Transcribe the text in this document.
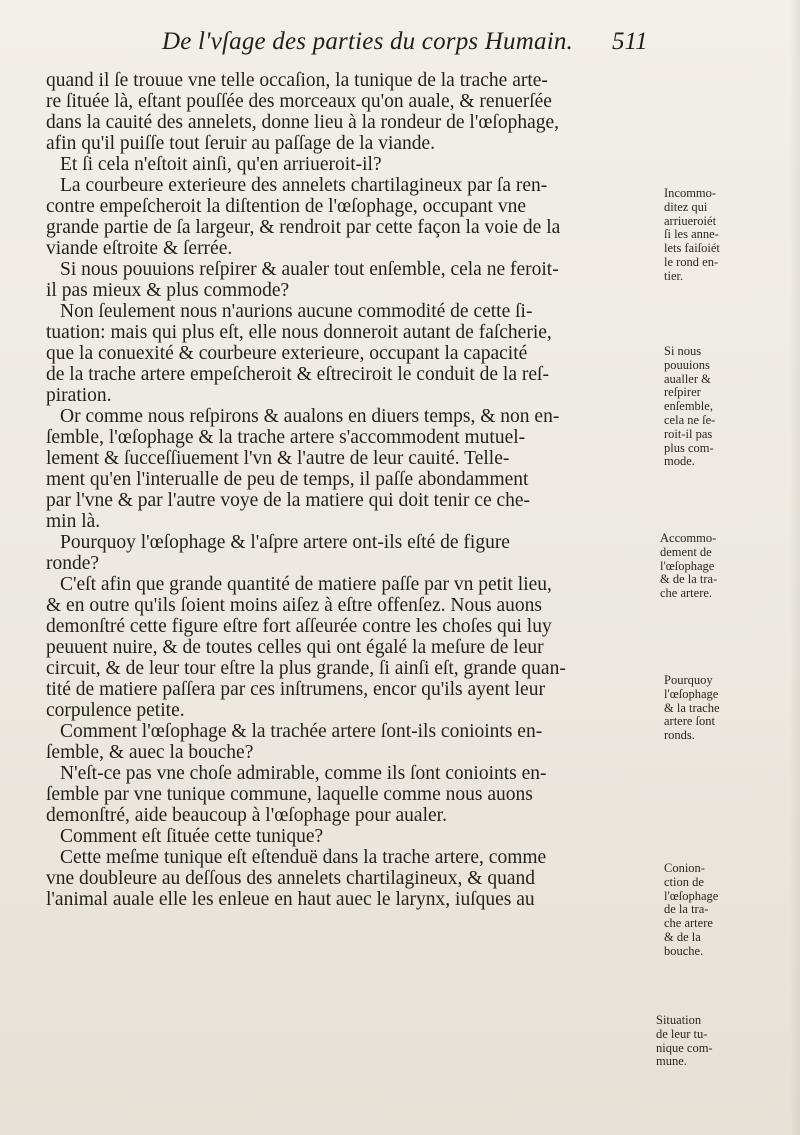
De l'vſage des parties du corps Humain. 511
quand il ſe trouue vne telle occaſion, la tunique de la trache arte-
re ſituée là, eſtant pouſſée des morceaux qu'on auale, & renuerſée
dans la cauité des annelets, donne lieu à la rondeur de l'œſophage,
afin qu'il puiſſe tout ſeruir au paſſage de la viande.
Et ſi cela n'eſtoit ainſi, qu'en arriueroit-il?
La courbeure exterieure des annelets chartilagineux par ſa ren-
contre empeſcheroit la diſtention de l'œſophage, occupant vne
grande partie de ſa largeur, & rendroit par cette façon la voie de la
viande eſtroite & ſerrée.
Si nous pouuions reſpirer & aualer tout enſemble, cela ne feroit-
il pas mieux & plus commode?
Non ſeulement nous n'aurions aucune commodité de cette ſi-
tuation: mais qui plus eſt, elle nous donneroit autant de faſcherie,
que la conuexité & courbeure exterieure, occupant la capacité
de la trache artere empeſcheroit & eſtreciroit le conduit de la reſ-
piration.
Or comme nous reſpirons & aualons en diuers temps, & non en-
ſemble, l'œſophage & la trache artere s'accommodent mutuel-
lement & ſucceſſiuement l'vn & l'autre de leur cauité. Telle-
ment qu'en l'interualle de peu de temps, il paſſe abondamment
par l'vne & par l'autre voye de la matiere qui doit tenir ce che-
min là.
Pourquoy l'œſophage & l'aſpre artere ont-ils eſté de figure
ronde?
C'eſt afin que grande quantité de matiere paſſe par vn petit lieu,
& en outre qu'ils ſoient moins aiſez à eſtre offenſez. Nous auons
demonſtré cette figure eſtre fort aſſeurée contre les choſes qui luy
peuuent nuire, & de toutes celles qui ont égalé la meſure de leur
circuit, & de leur tour eſtre la plus grande, ſi ainſi eſt, grande quan-
tité de matiere paſſera par ces inſtrumens, encor qu'ils ayent leur
corpulence petite.
Comment l'œſophage & la trachée artere ſont-ils conioints en-
ſemble, & auec la bouche?
N'eſt-ce pas vne choſe admirable, comme ils ſont conioints en-
ſemble par vne tunique commune, laquelle comme nous auons
demonſtré, aide beaucoup à l'œſophage pour aualer.
Comment eſt ſituée cette tunique?
Cette meſme tunique eſt eſtenduë dans la trache artere, comme
vne doubleure au deſſous des annelets chartilagineux, & quand
l'animal auale elle les enleue en haut auec le larynx, iuſques au
Incommo-
ditez qui
arriueroiét
ſi les anne-
lets faiſoiét
le rond en-
tier.
Si nous
pouuions
aualler &
reſpirer
enſemble,
cela ne ſe-
roit-il pas
plus com-
mode.
Accommo-
dement de
l'œſophage
& de la tra-
che artere.
Pourquoy
l'œſophage
& la trache
artere ſont
ronds.
Conion-
ction de
l'œſophage
de la tra-
che artere
& de la
bouche.
Situation
de leur tu-
nique com-
mune.
